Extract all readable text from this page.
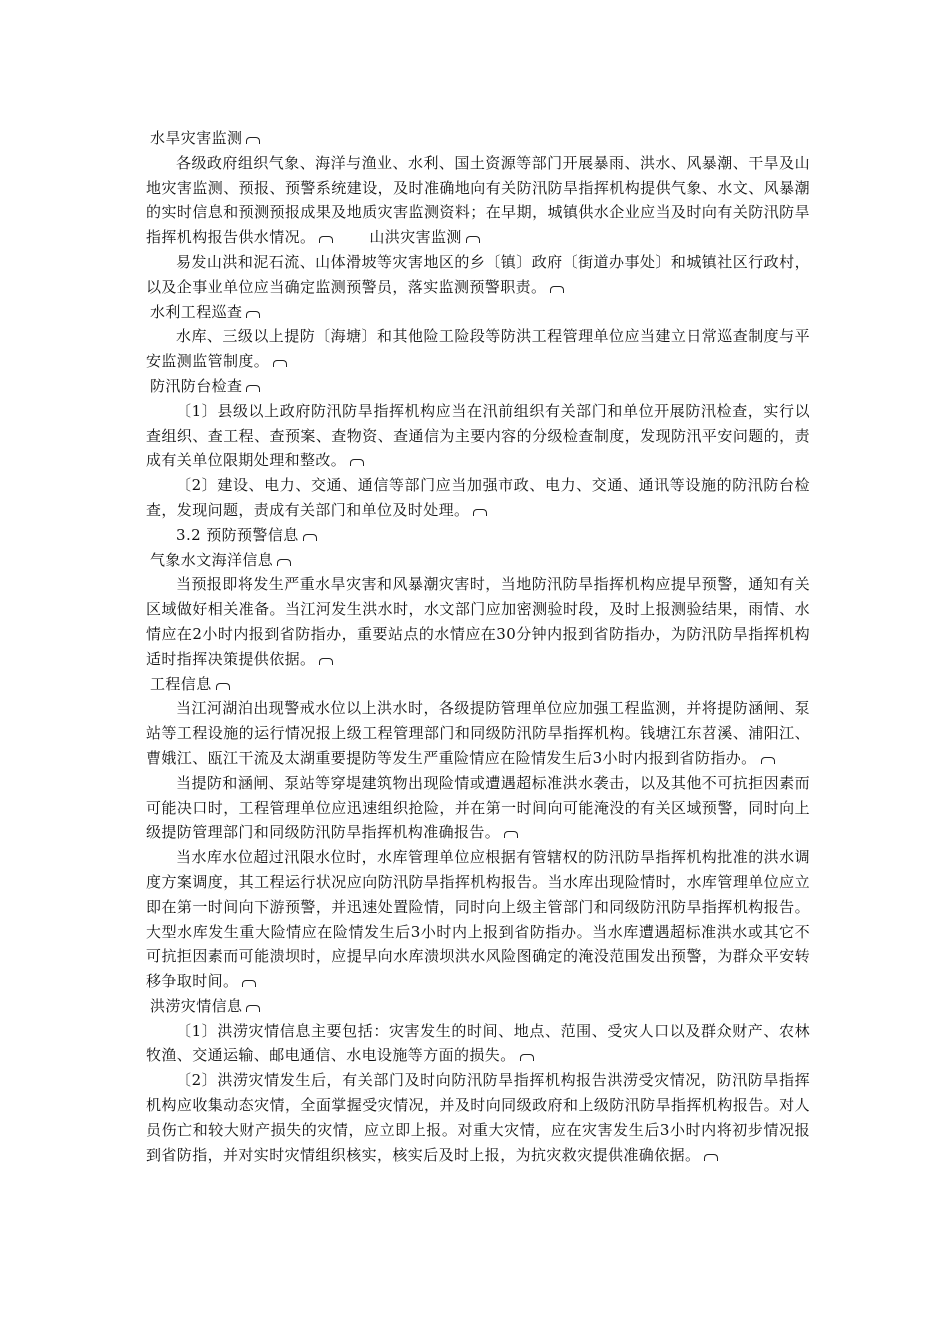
水旱灾害监测

各级政府组织气象、海洋与渔业、水利、国土资源等部门开展暴雨、洪水、风暴潮、干旱及山地灾害监测、预报、预警系统建设，及时准确地向有关防汛防旱指挥机构提供气象、水文、风暴潮的实时信息和预测预报成果及地质灾害监测资料；在早期，城镇供水企业应当及时向有关防汛防旱指挥机构报告供水情况。	山洪灾害监测

易发山洪和泥石流、山体滑坡等灾害地区的乡〔镇〕政府〔街道办事处〕和城镇社区行政村，以及企事业单位应当确定监测预警员，落实监测预警职责。

水利工程巡查

水库、三级以上提防〔海塘〕和其他险工险段等防洪工程管理单位应当建立日常巡查制度与平安监测监管制度。

防汛防台检查

〔1〕县级以上政府防汛防旱指挥机构应当在汛前组织有关部门和单位开展防汛检查，实行以查组织、查工程、查预案、查物资、查通信为主要内容的分级检查制度，发现防汛平安问题的，责成有关单位限期处理和整改。

〔2〕建设、电力、交通、通信等部门应当加强市政、电力、交通、通讯等设施的防汛防台检查，发现问题，责成有关部门和单位及时处理。

3.2 预防预警信息

气象水文海洋信息

当预报即将发生严重水旱灾害和风暴潮灾害时，当地防汛防旱指挥机构应提早预警，通知有关区域做好相关准备。当江河发生洪水时，水文部门应加密测验时段，及时上报测验结果，雨情、水情应在2小时内报到省防指办，重要站点的水情应在30分钟内报到省防指办，为防汛防旱指挥机构适时指挥决策提供依据。

工程信息

当江河湖泊出现警戒水位以上洪水时，各级提防管理单位应加强工程监测，并将提防涵闸、泵站等工程设施的运行情况报上级工程管理部门和同级防汛防旱指挥机构。钱塘江东苕溪、浦阳江、曹娥江、瓯江干流及太湖重要提防等发生严重险情应在险情发生后3小时内报到省防指办。

当提防和涵闸、泵站等穿堤建筑物出现险情或遭遇超标准洪水袭击，以及其他不可抗拒因素而可能决口时，工程管理单位应迅速组织抢险，并在第一时间向可能淹没的有关区域预警，同时向上级提防管理部门和同级防汛防旱指挥机构准确报告。

当水库水位超过汛限水位时，水库管理单位应根据有管辖权的防汛防旱指挥机构批准的洪水调度方案调度，其工程运行状况应向防汛防旱指挥机构报告。当水库出现险情时，水库管理单位应立即在第一时间向下游预警，并迅速处置险情，同时向上级主管部门和同级防汛防旱指挥机构报告。大型水库发生重大险情应在险情发生后3小时内上报到省防指办。当水库遭遇超标准洪水或其它不可抗拒因素而可能溃坝时，应提早向水库溃坝洪水风险图确定的淹没范围发出预警，为群众平安转移争取时间。

洪涝灾情信息

〔1〕洪涝灾情信息主要包括：灾害发生的时间、地点、范围、受灾人口以及群众财产、农林牧渔、交通运输、邮电通信、水电设施等方面的损失。

〔2〕洪涝灾情发生后，有关部门及时向防汛防旱指挥机构报告洪涝受灾情况，防汛防旱指挥机构应收集动态灾情，全面掌握受灾情况，并及时向同级政府和上级防汛防旱指挥机构报告。对人员伤亡和较大财产损失的灾情，应立即上报。对重大灾情，应在灾害发生后3小时内将初步情况报到省防指，并对实时灾情组织核实，核实后及时上报，为抗灾救灾提供准确依据。
